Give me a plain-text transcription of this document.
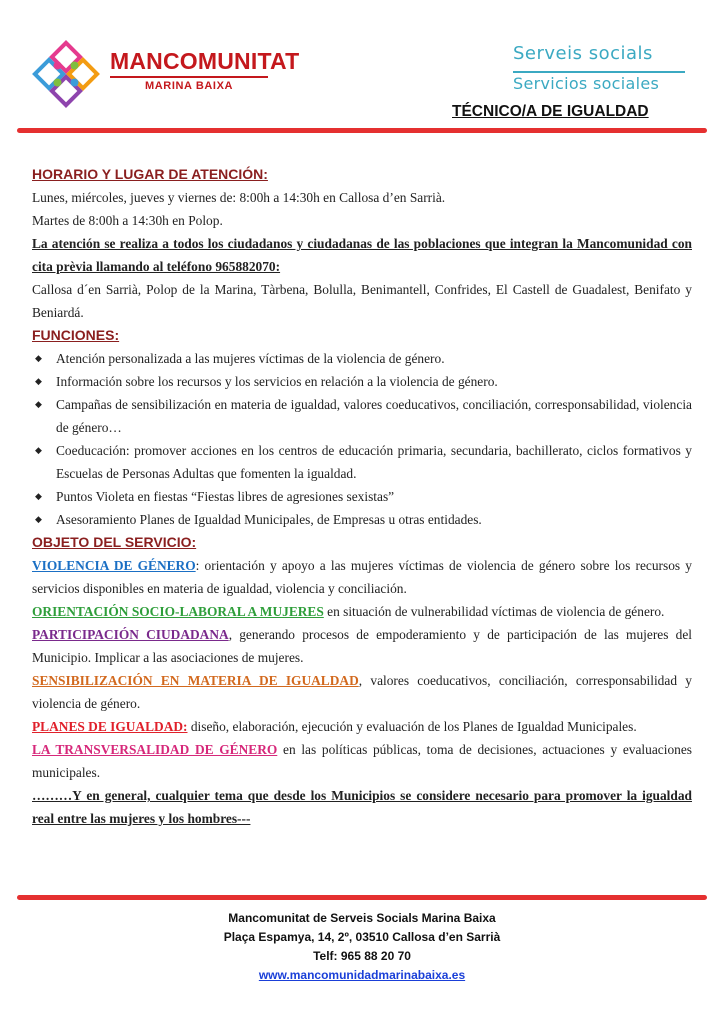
MANCOMUNITAT
MARINA BAIXA
Serveis socials
Servicios sociales
TÉCNICO/A DE IGUALDAD
HORARIO Y LUGAR DE ATENCIÓN:

Lunes, miércoles, jueves y viernes de: 8:00h a 14:30h en Callosa d’en Sarrià.

Martes de 8:00h a 14:30h en Polop.

La atención se realiza a todos los ciudadanos y ciudadanas de las poblaciones que integran la Mancomunidad con cita prèvia llamando al teléfono 965882070:

Callosa d´en Sarrià, Polop de la Marina, Tàrbena, Bolulla, Benimantell, Confrides, El Castell de Guadalest, Benifato y Beniardá.

FUNCIONES:
◆ Atención personalizada a las mujeres víctimas de la violencia de género.
◆ Información sobre los recursos y los servicios en relación a la violencia de género.
◆ Campañas de sensibilización en materia de igualdad, valores coeducativos, conciliación, corresponsabilidad, violencia de género…
◆ Coeducación: promover acciones en los centros de educación primaria, secundaria, bachillerato, ciclos formativos y Escuelas de Personas Adultas que fomenten la igualdad.
◆ Puntos Violeta en fiestas “Fiestas libres de agresiones sexistas”
◆ Asesoramiento Planes de Igualdad Municipales, de Empresas u otras entidades.
OBJETO DEL SERVICIO:

VIOLENCIA DE GÉNERO: orientación y apoyo a las mujeres víctimas de violencia de género sobre los recursos y servicios disponibles en materia de igualdad, violencia y conciliación.

ORIENTACIÓN SOCIO-LABORAL A MUJERES en situación de vulnerabilidad víctimas de violencia de género.

PARTICIPACIÓN CIUDADANA, generando procesos de empoderamiento y de participación de las mujeres del Municipio. Implicar a las asociaciones de mujeres.

SENSIBILIZACIÓN EN MATERIA DE IGUALDAD, valores coeducativos, conciliación, corresponsabilidad y violencia de género.

PLANES DE IGUALDAD: diseño, elaboración, ejecución y evaluación de los Planes de Igualdad Municipales.

LA TRANSVERSALIDAD DE GÉNERO en las políticas públicas, toma de decisiones, actuaciones y evaluaciones municipales.

………Y en general, cualquier tema que desde los Municipios se considere necesario para promover la igualdad real entre las mujeres y los hombres---

Mancomunitat de Serveis Socials Marina Baixa
Plaça Espamya, 14, 2º, 03510 Callosa d’en Sarrià
Telf: 965 88 20 70
www.mancomunidadmarinabaixa.es
